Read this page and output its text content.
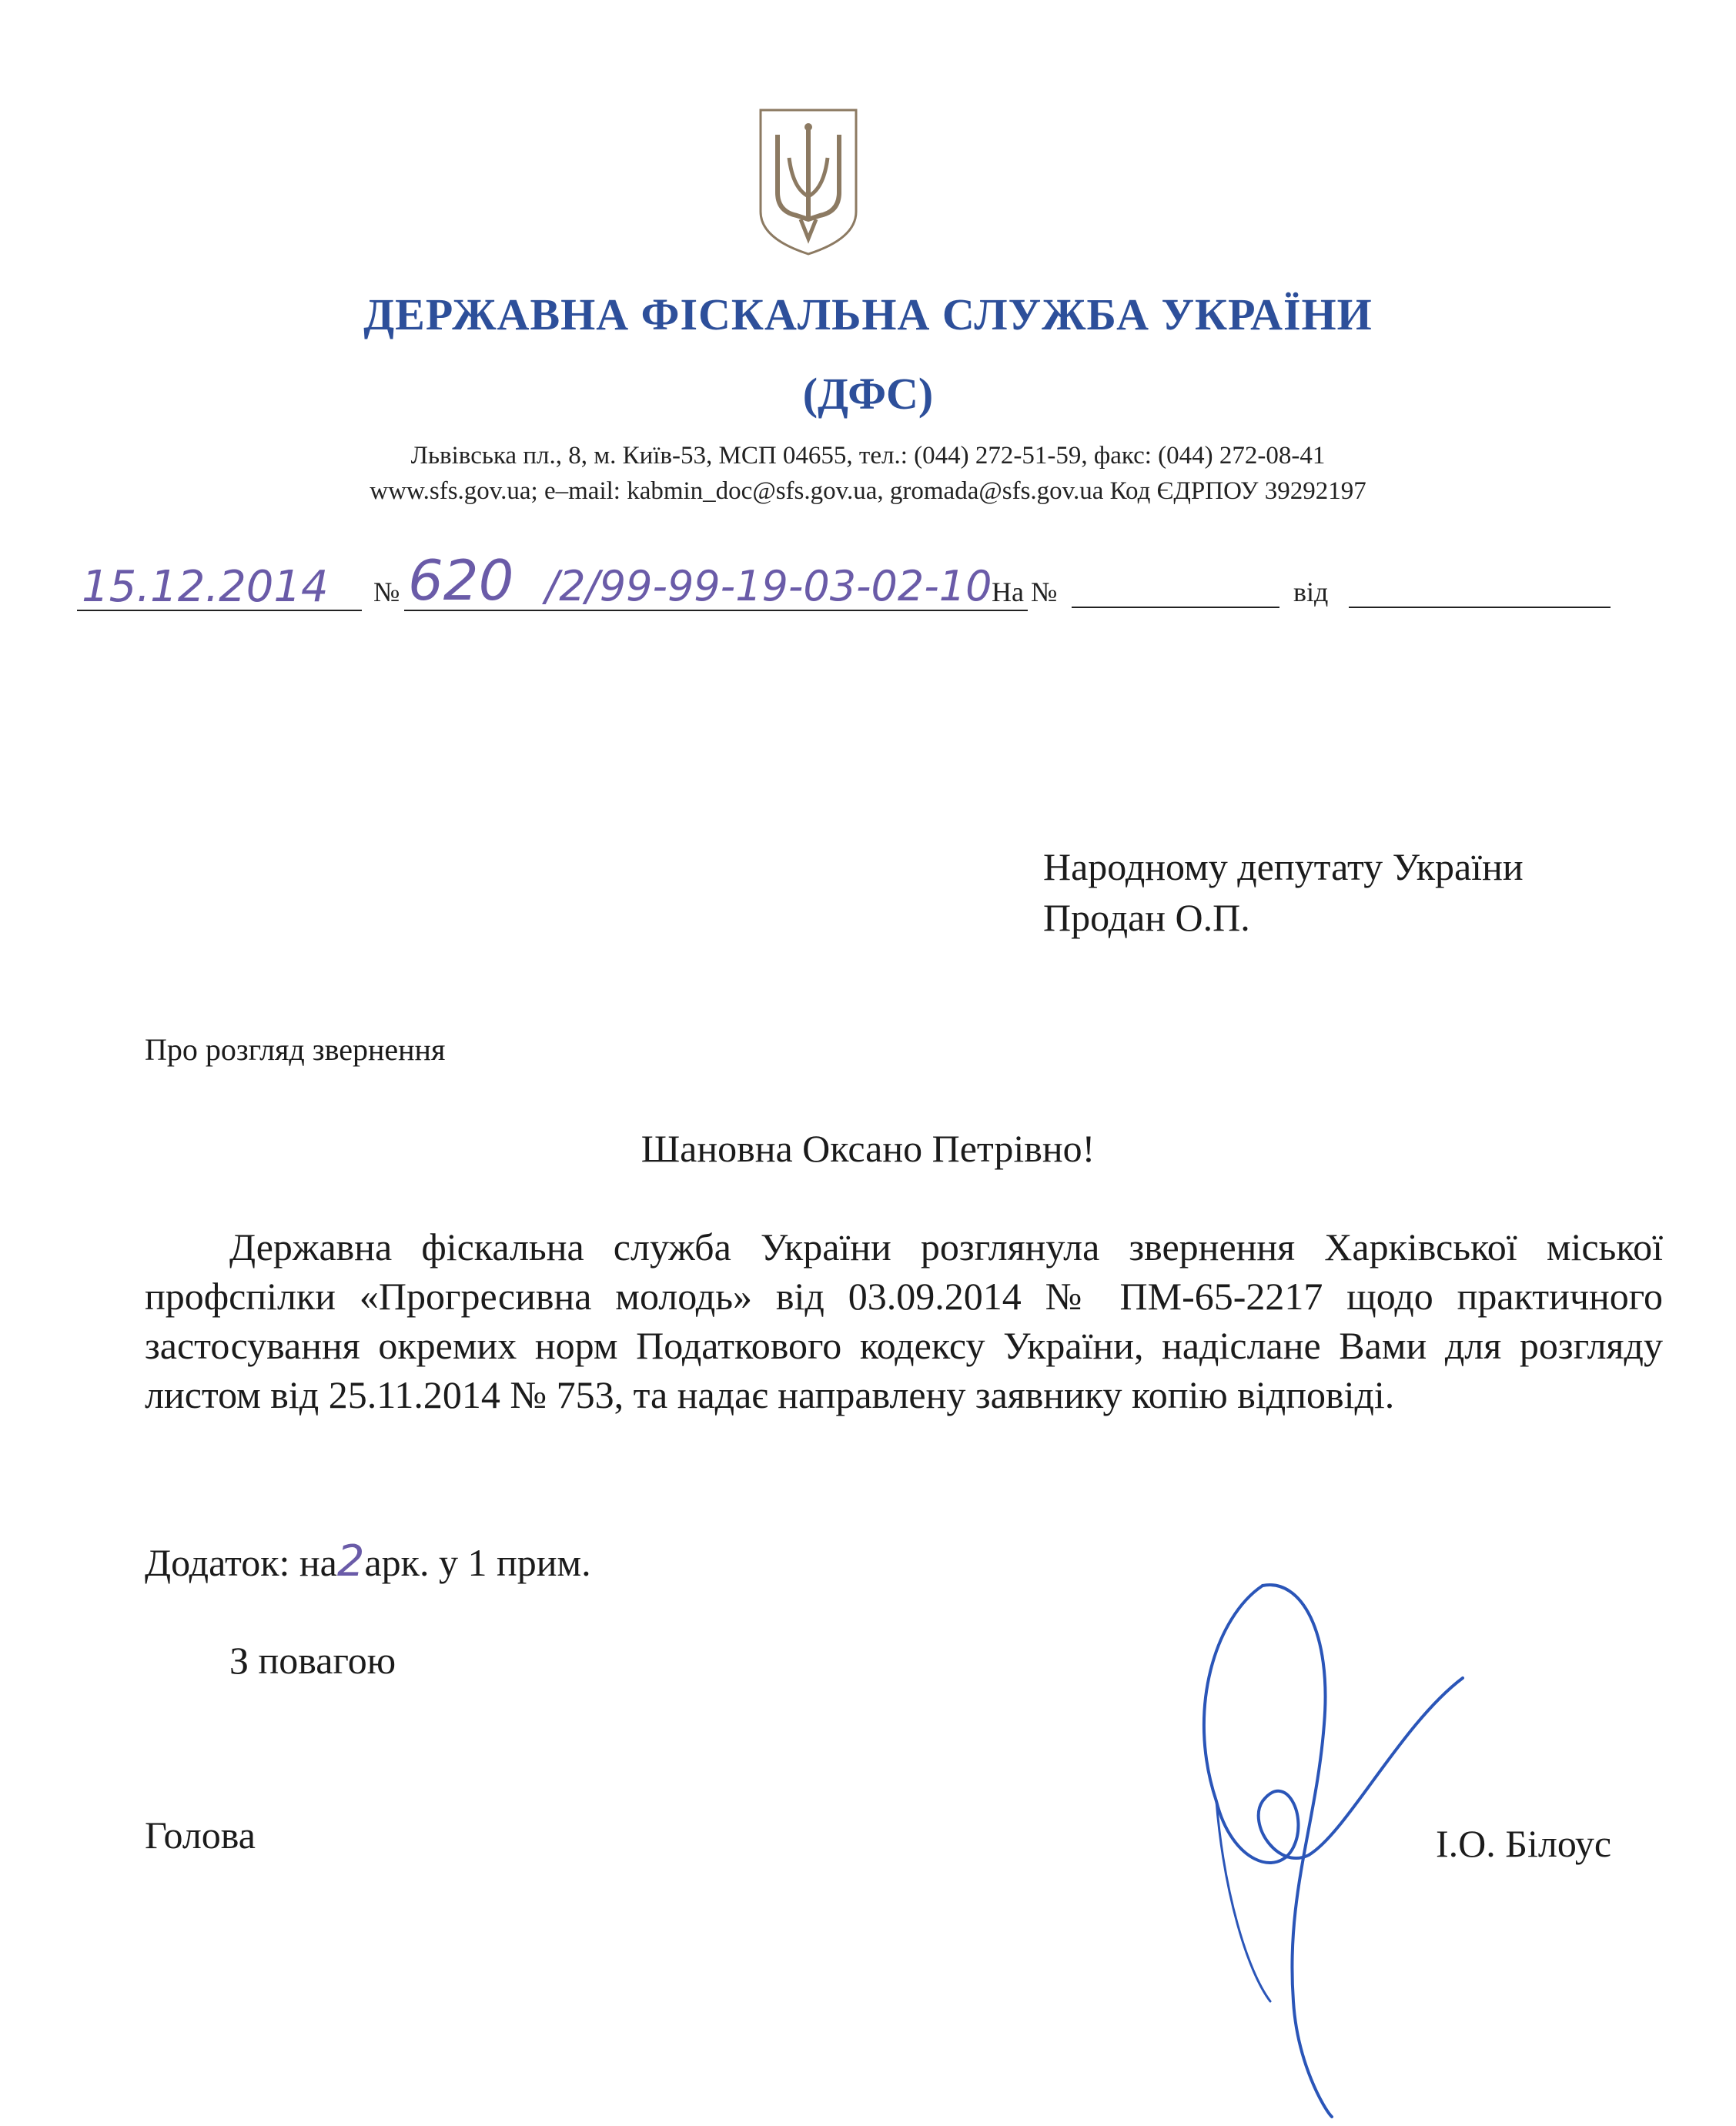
ДЕРЖАВНА ФІСКАЛЬНА СЛУЖБА УКРАЇНИ
(ДФС)
Львівська пл., 8, м. Київ-53, МСП 04655, тел.: (044) 272-51-59, факс: (044) 272-08-41
www.sfs.gov.ua; e–mail: kabmin_doc@sfs.gov.ua, gromada@sfs.gov.ua Код ЄДРПОУ 39292197
15.12.2014 № 620 /2/99-99-19-03-02-10 На №	від
Народному депутату України
Продан О.П.
Про розгляд звернення
Шановна Оксано Петрівно!
Державна фіскальна служба України розглянула звернення Харківської міської профспілки «Прогресивна молодь» від 03.09.2014 № ПМ-65-2217 щодо практичного застосування окремих норм Податкового кодексу України, надіслане Вами для розгляду листом від 25.11.2014 № 753, та надає направлену заявнику копію відповіді.
Додаток: на2арк. у 1 прим.
З повагою
Голова	І.О. Білоус
